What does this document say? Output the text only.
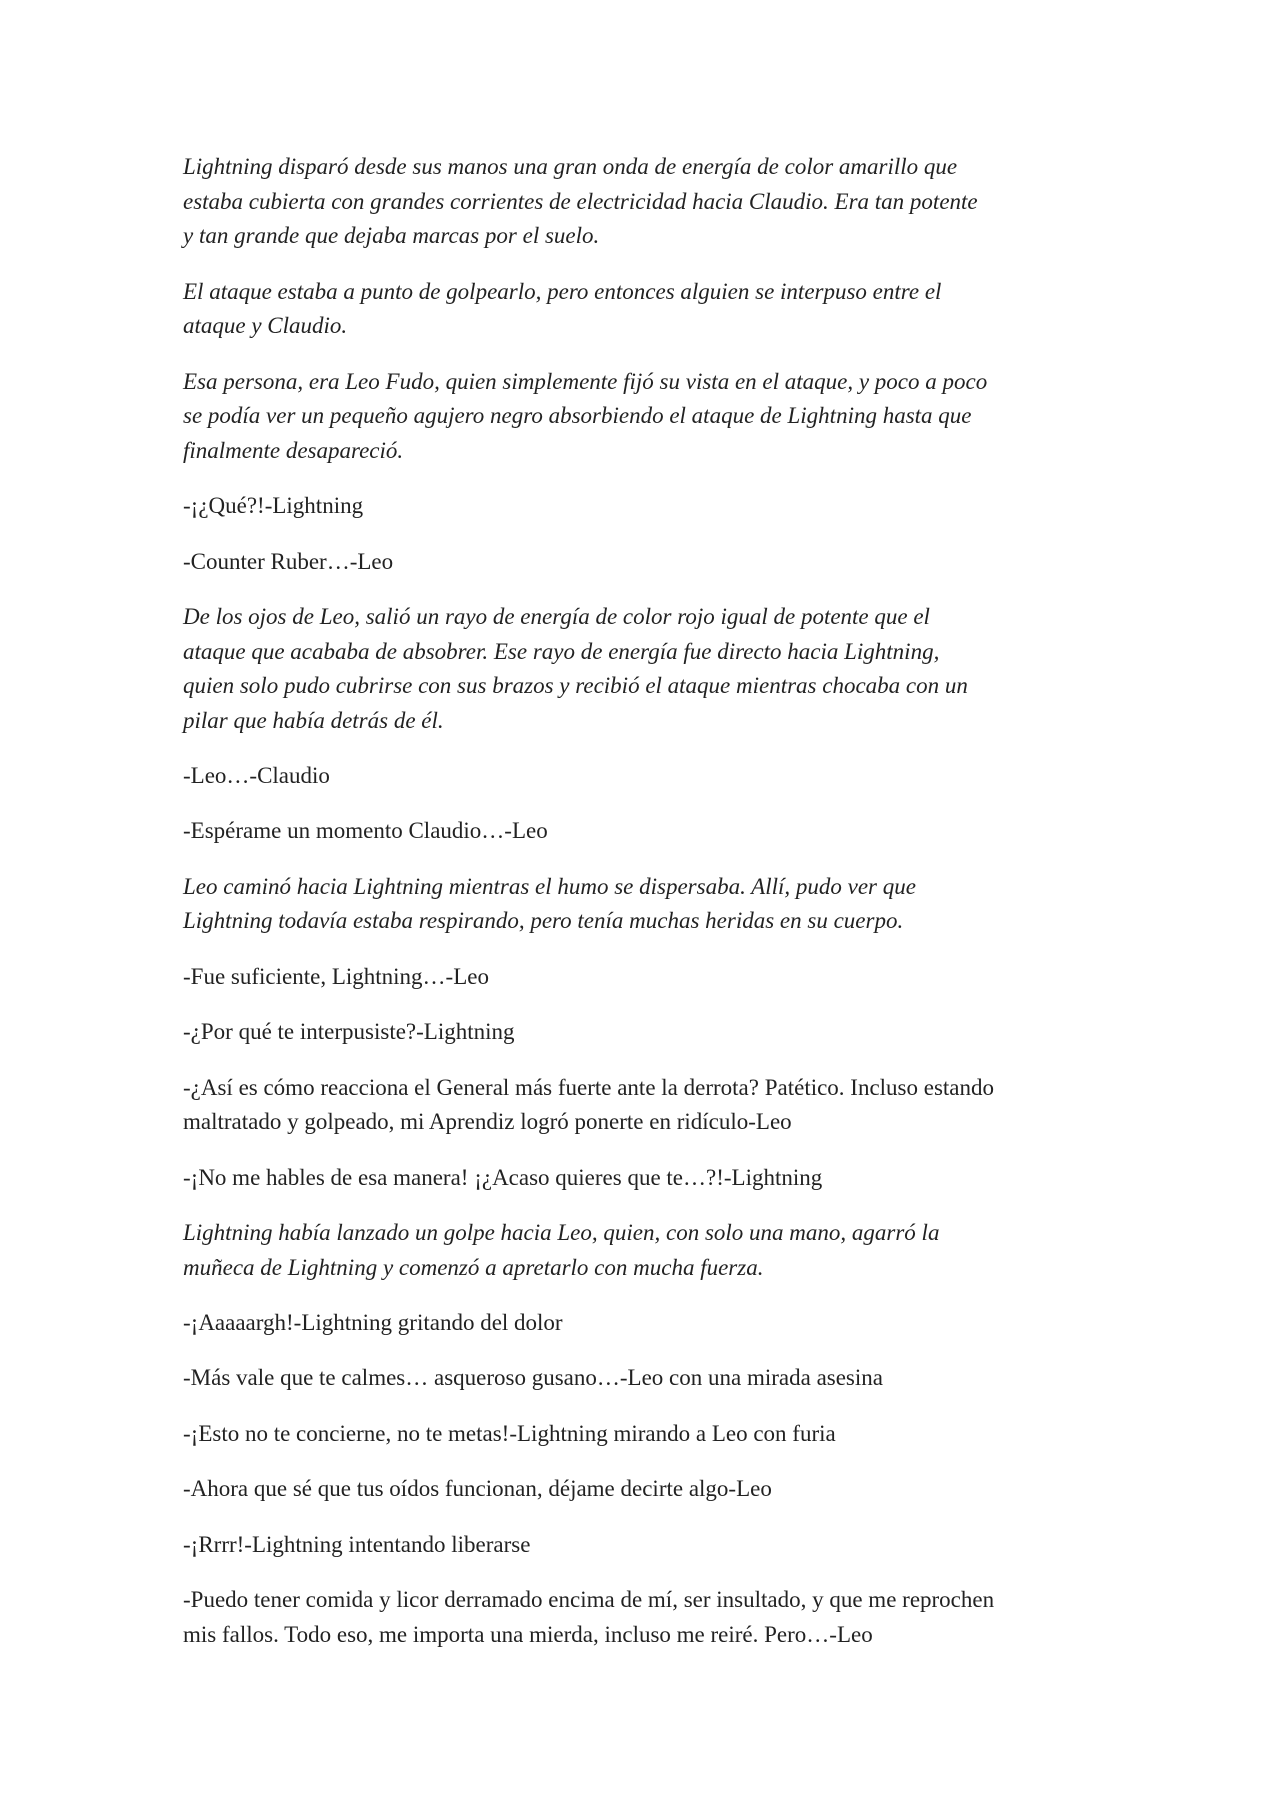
Lightning disparó desde sus manos una gran onda de energía de color amarillo que
estaba cubierta con grandes corrientes de electricidad hacia Claudio. Era tan potente
y tan grande que dejaba marcas por el suelo.
El ataque estaba a punto de golpearlo, pero entonces alguien se interpuso entre el
ataque y Claudio.
Esa persona, era Leo Fudo, quien simplemente fijó su vista en el ataque, y poco a poco
se podía ver un pequeño agujero negro absorbiendo el ataque de Lightning hasta que
finalmente desapareció.
-¡¿Qué?!-Lightning
-Counter Ruber…-Leo
De los ojos de Leo, salió un rayo de energía de color rojo igual de potente que el
ataque que acababa de absobrer. Ese rayo de energía fue directo hacia Lightning,
quien solo pudo cubrirse con sus brazos y recibió el ataque mientras chocaba con un
pilar que había detrás de él.
-Leo…-Claudio
-Espérame un momento Claudio…-Leo
Leo caminó hacia Lightning mientras el humo se dispersaba. Allí, pudo ver que
Lightning todavía estaba respirando, pero tenía muchas heridas en su cuerpo.
-Fue suficiente, Lightning…-Leo
-¿Por qué te interpusiste?-Lightning
-¿Así es cómo reacciona el General más fuerte ante la derrota? Patético. Incluso estando
maltratado y golpeado, mi Aprendiz logró ponerte en ridículo-Leo
-¡No me hables de esa manera! ¡¿Acaso quieres que te…?!-Lightning
Lightning había lanzado un golpe hacia Leo, quien, con solo una mano, agarró la
muñeca de Lightning y comenzó a apretarlo con mucha fuerza.
-¡Aaaaargh!-Lightning gritando del dolor
-Más vale que te calmes… asqueroso gusano…-Leo con una mirada asesina
-¡Esto no te concierne, no te metas!-Lightning mirando a Leo con furia
-Ahora que sé que tus oídos funcionan, déjame decirte algo-Leo
-¡Rrrr!-Lightning intentando liberarse
-Puedo tener comida y licor derramado encima de mí, ser insultado, y que me reprochen
mis fallos. Todo eso, me importa una mierda, incluso me reiré. Pero…-Leo
